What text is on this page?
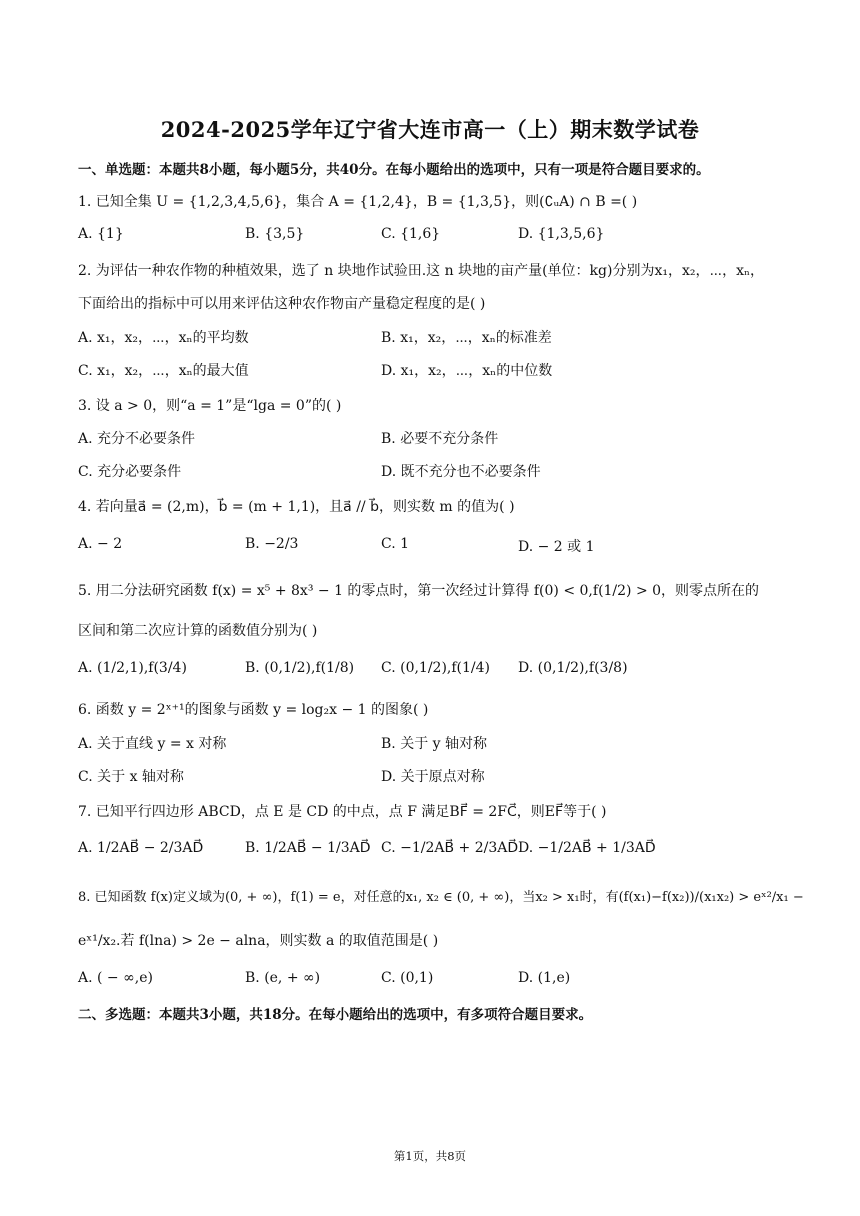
2024-2025学年辽宁省大连市高一（上）期末数学试卷
一、单选题：本题共8小题，每小题5分，共40分。在每小题给出的选项中，只有一项是符合题目要求的。
1. 已知全集 U = {1,2,3,4,5,6}，集合 A = {1,2,4}，B = {1,3,5}，则(∁ᵤA) ∩ B =( )
A. {1}	B. {3,5}	C. {1,6}	D. {1,3,5,6}
2. 为评估一种农作物的种植效果，选了 n 块地作试验田.这 n 块地的亩产量(单位：kg)分别为x₁，x₂，⋯，xₙ，
下面给出的指标中可以用来评估这种农作物亩产量稳定程度的是( )
A. x₁，x₂，⋯，xₙ的平均数	B. x₁，x₂，⋯，xₙ的标准差
C. x₁，x₂，⋯，xₙ的最大值	D. x₁，x₂，⋯，xₙ的中位数
3. 设 a > 0，则“a = 1”是“lga = 0”的( )
A. 充分不必要条件	B. 必要不充分条件
C. 充分必要条件	D. 既不充分也不必要条件
4. 若向量a⃗ = (2,m)，b⃗ = (m + 1,1)，且a⃗ // b⃗，则实数 m 的值为( )
A. − 2	B. −2/3	C. 1	D. − 2 或 1
5. 用二分法研究函数 f(x) = x⁵ + 8x³ − 1 的零点时，第一次经过计算得 f(0) < 0,f(1/2) > 0，则零点所在的
区间和第二次应计算的函数值分别为( )
A. (1/2,1),f(3/4)	B. (0,1/2),f(1/8) C. (0,1/2),f(1/4) D. (0,1/2),f(3/8)
6. 函数 y = 2ˣ⁺¹的图象与函数 y = log₂x − 1 的图象( )
A. 关于直线 y = x 对称	B. 关于 y 轴对称
C. 关于 x 轴对称	D. 关于原点对称
7. 已知平行四边形 ABCD，点 E 是 CD 的中点，点 F 满足BF⃗ = 2FC⃗，则EF⃗等于( )
A. 1/2AB⃗ − 2/3AD⃗	B. 1/2AB⃗ − 1/3AD⃗ C. −1/2AB⃗ + 2/3AD⃗ D. −1/2AB⃗ + 1/3AD⃗
8. 已知函数 f(x)定义域为(0, + ∞)，f(1) = e，对任意的x₁, x₂ ∈ (0, + ∞)，当x₂ > x₁时，有(f(x₁)−f(x₂))/(x₁x₂) > eˣ²/x₁ −
eˣ¹/x₂.若 f(lna) > 2e − alna，则实数 a 的取值范围是( )
A. ( − ∞,e)	B. (e, + ∞)	C. (0,1)	D. (1,e)
二、多选题：本题共3小题，共18分。在每小题给出的选项中，有多项符合题目要求。
第1页，共8页
